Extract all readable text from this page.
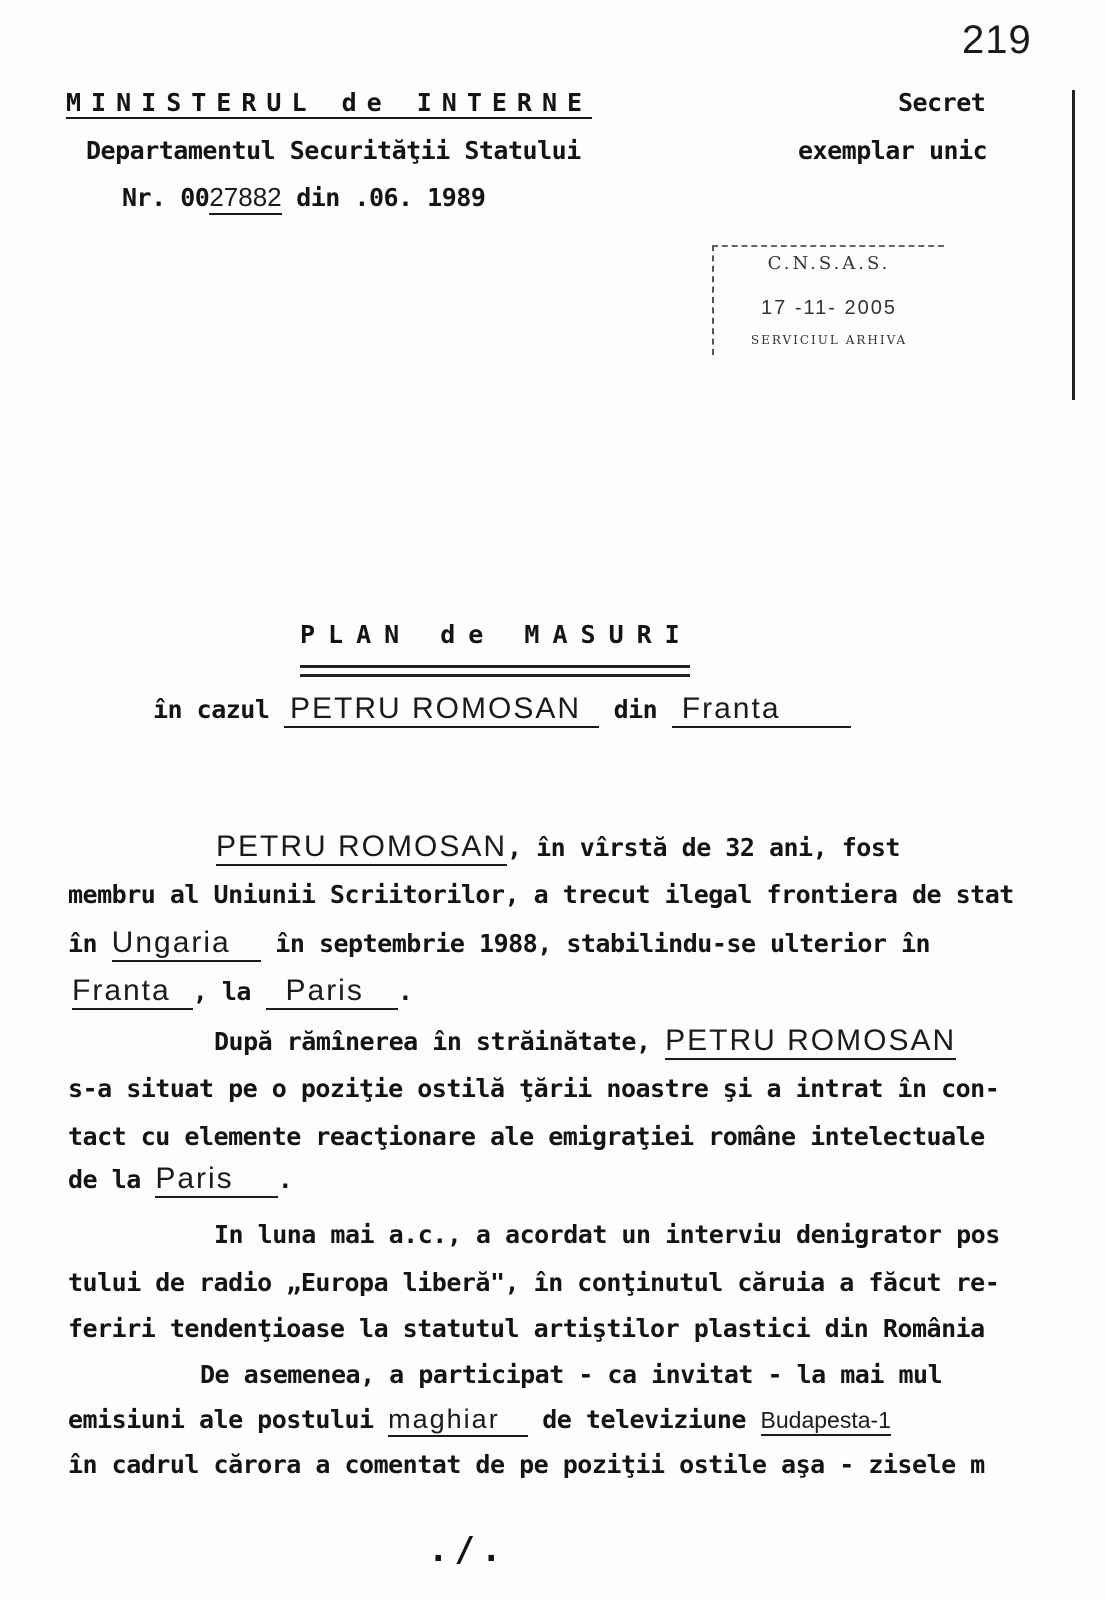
219
MINISTERUL de INTERNE
Departamentul Securităţii Statului
Nr. 0027882 din .06. 1989
Secret
exemplar unic
C.N.S.A.S.
17 -11- 2005
SERVICIUL ARHIVA
PLAN de MASURI
în cazul PETRU ROMOSAN din Franta
PETRU ROMOSAN, în vîrstă de 32 ani, fost
membru al Uniunii Scriitorilor, a trecut ilegal frontiera de stat
în Ungaria în septembrie 1988, stabilindu-se ulterior în
Franta , la Paris .
După rămînerea în străinătate, PETRU ROMOSAN
s-a situat pe o poziţie ostilă ţării noastre şi a intrat în con-
tact cu elemente reacţionare ale emigraţiei române intelectuale
de la Paris .
In luna mai a.c., a acordat un interviu denigrator pos
tului de radio „Europa liberă", în conţinutul căruia a făcut re-
feriri tendenţioase la statutul artiştilor plastici din România
De asemenea, a participat - ca invitat - la mai mul
emisiuni ale postului maghiar de televiziune Budapesta-1
în cadrul cărora a comentat de pe poziţii ostile aşa - zisele m
./.
